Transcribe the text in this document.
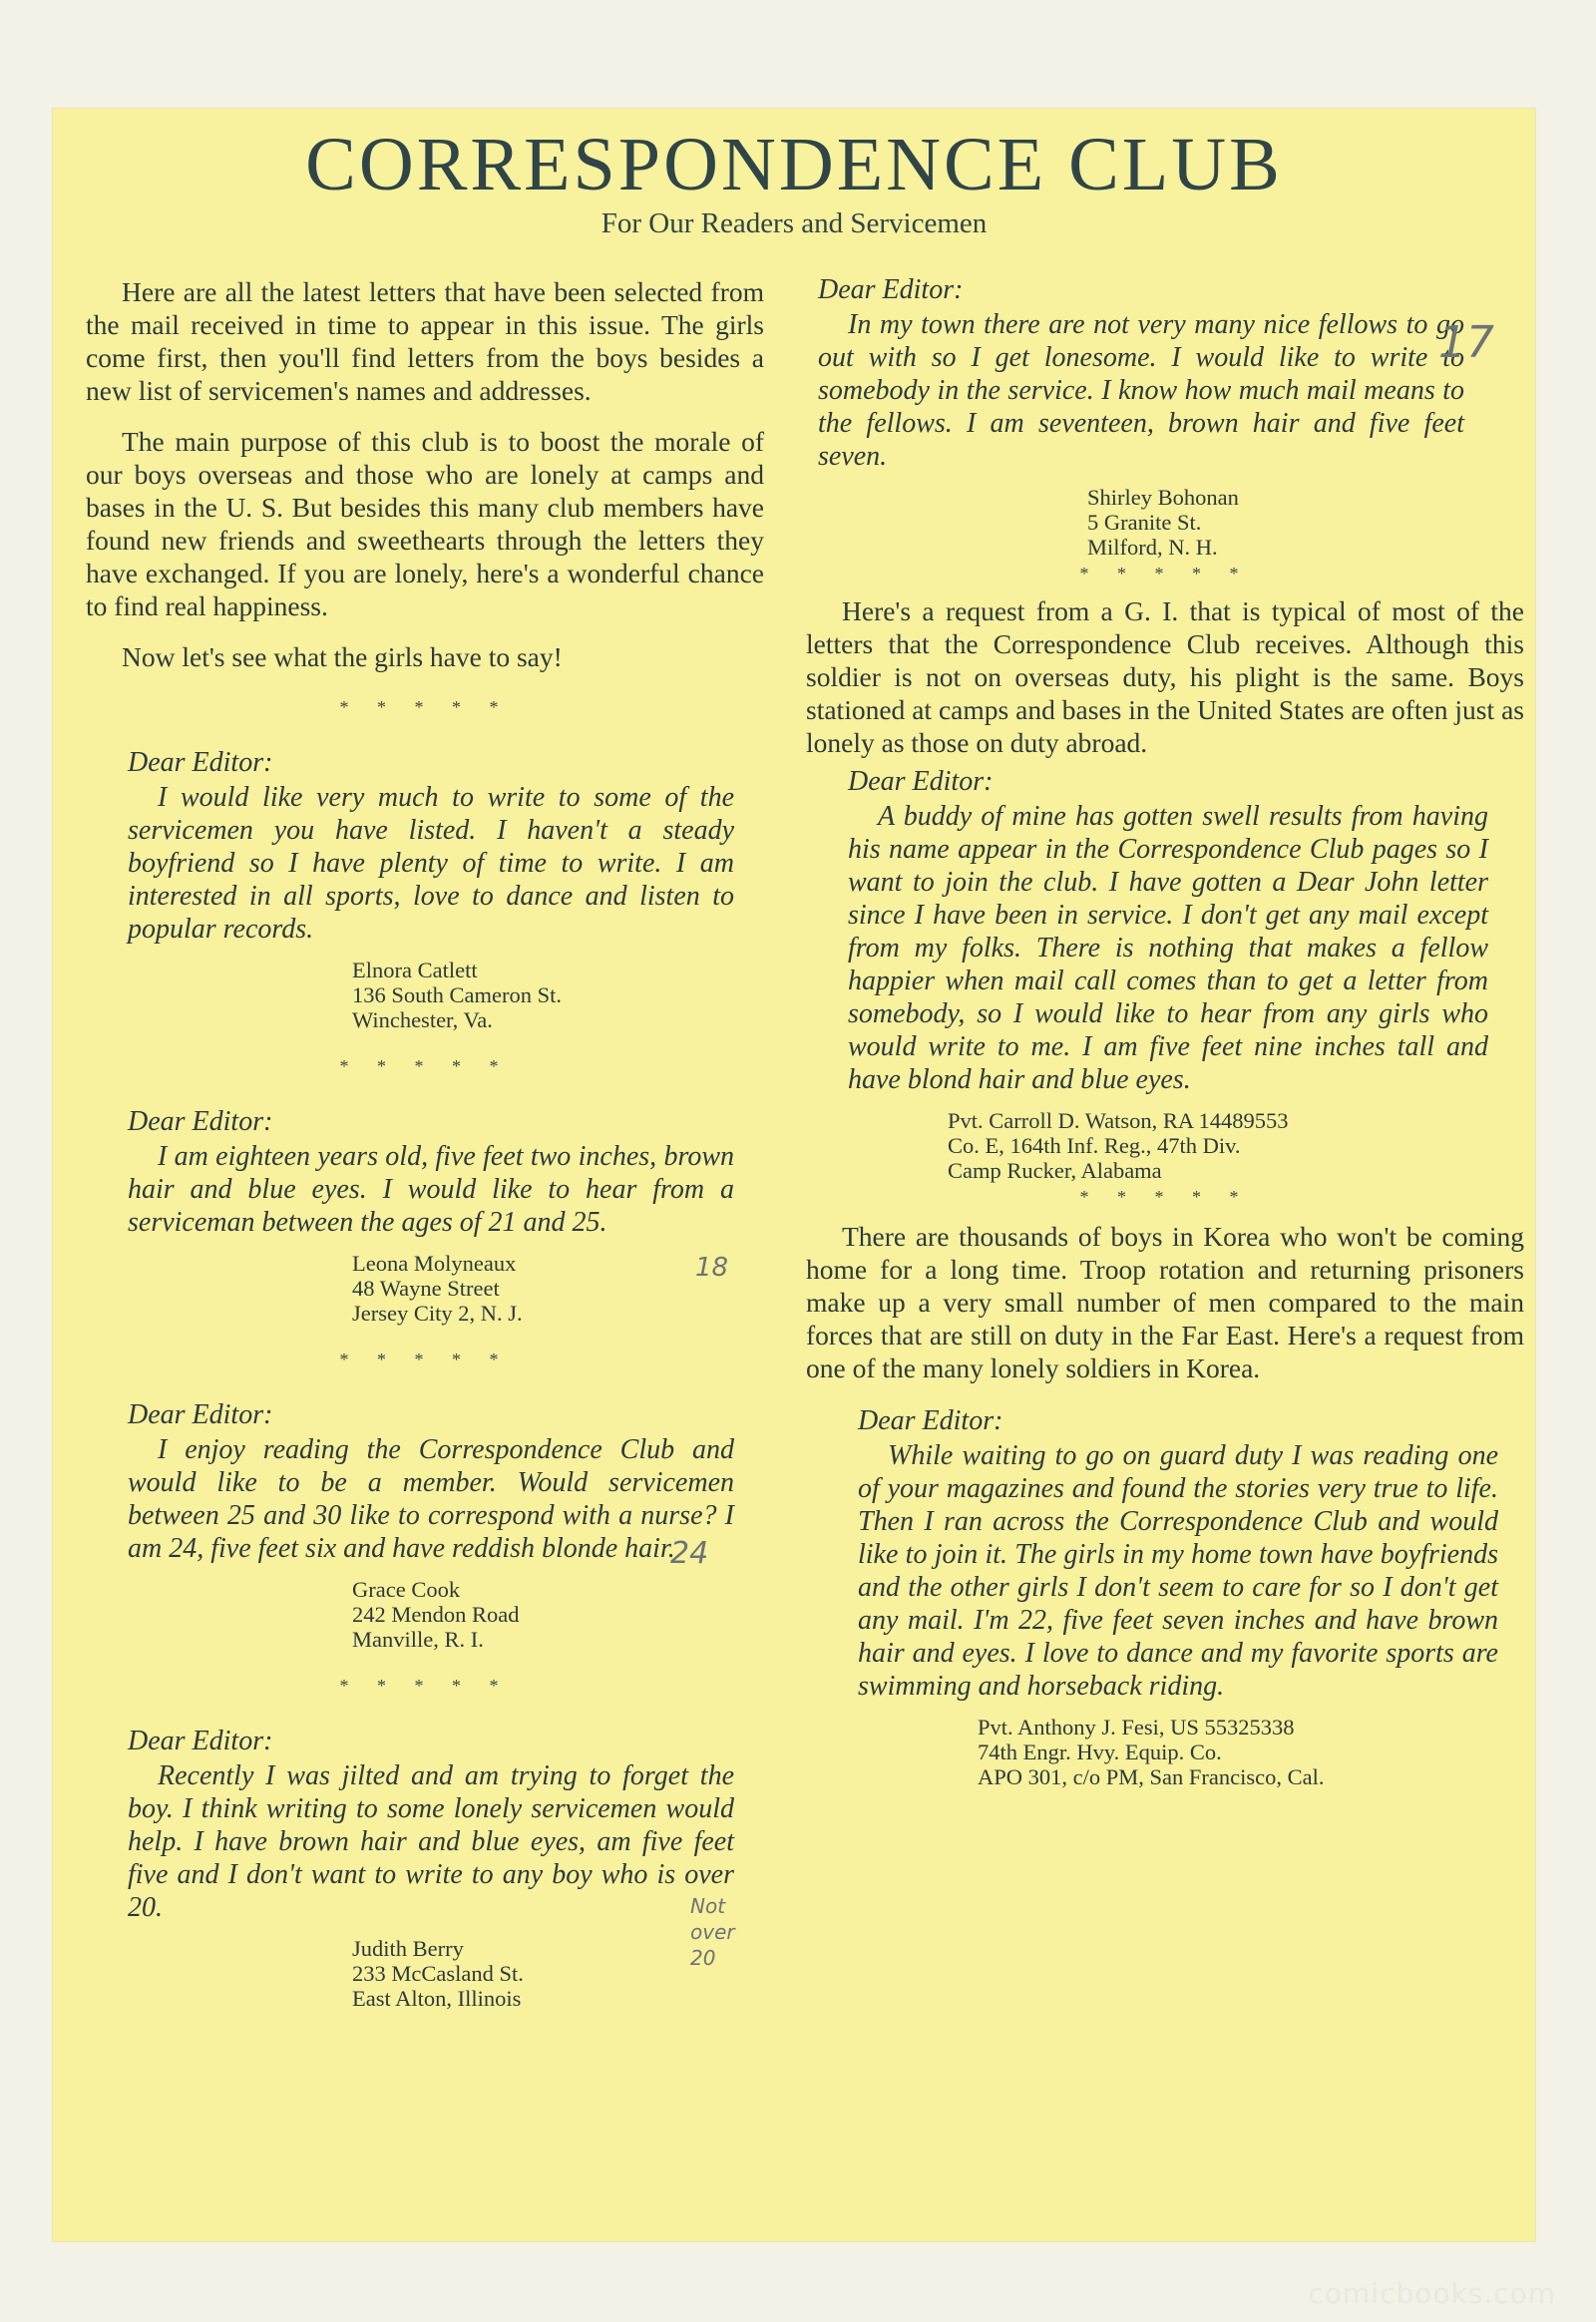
CORRESPONDENCE CLUB
For Our Readers and Servicemen

Here are all the latest letters that have been selected from the mail received in time to appear in this issue. The girls come first, then you'll find letters from the boys besides a new list of servicemen's names and addresses.

The main purpose of this club is to boost the morale of our boys overseas and those who are lonely at camps and bases in the U. S. But besides this many club members have found new friends and sweethearts through the letters they have exchanged. If you are lonely, here's a wonderful chance to find real happiness.

Now let's see what the girls have to say!

* * * * *

Dear Editor:

I would like very much to write to some of the servicemen you have listed. I haven't a steady boyfriend so I have plenty of time to write. I am interested in all sports, love to dance and listen to popular records.

Elnora Catlett
136 South Cameron St.
Winchester, Va.
* * * * *

Dear Editor:

I am eighteen years old, five feet two inches, brown hair and blue eyes. I would like to hear from a serviceman between the ages of 21 and 25.

Leona Molyneaux
48 Wayne Street
Jersey City 2, N. J.
* * * * *

Dear Editor:

I enjoy reading the Correspondence Club and would like to be a member. Would servicemen between 25 and 30 like to correspond with a nurse? I am 24, five feet six and have reddish blonde hair.

Grace Cook
242 Mendon Road
Manville, R. I.
* * * * *

Dear Editor:

Recently I was jilted and am trying to forget the boy. I think writing to some lonely servicemen would help. I have brown hair and blue eyes, am five feet five and I don't want to write to any boy who is over 20.

Judith Berry
233 McCasland St.
East Alton, Illinois

Dear Editor:

In my town there are not very many nice fellows to go out with so I get lonesome. I would like to write to somebody in the service. I know how much mail means to the fellows. I am seventeen, brown hair and five feet seven.

Shirley Bohonan
5 Granite St.
Milford, N. H.
* * * * *

Here's a request from a G. I. that is typical of most of the letters that the Correspondence Club receives. Although this soldier is not on overseas duty, his plight is the same. Boys stationed at camps and bases in the United States are often just as lonely as those on duty abroad.

Dear Editor:

A buddy of mine has gotten swell results from having his name appear in the Correspondence Club pages so I want to join the club. I have gotten a Dear John letter since I have been in service. I don't get any mail except from my folks. There is nothing that makes a fellow happier when mail call comes than to get a letter from somebody, so I would like to hear from any girls who would write to me. I am five feet nine inches tall and have blond hair and blue eyes.

Pvt. Carroll D. Watson, RA 14489553
Co. E, 164th Inf. Reg., 47th Div.
Camp Rucker, Alabama
* * * * *

There are thousands of boys in Korea who won't be coming home for a long time. Troop rotation and returning prisoners make up a very small number of men compared to the main forces that are still on duty in the Far East. Here's a request from one of the many lonely soldiers in Korea.

Dear Editor:

While waiting to go on guard duty I was reading one of your magazines and found the stories very true to life. Then I ran across the Correspondence Club and would like to join it. The girls in my home town have boyfriends and the other girls I don't seem to care for so I don't get any mail. I'm 22, five feet seven inches and have brown hair and eyes. I love to dance and my favorite sports are swimming and horseback riding.

Pvt. Anthony J. Fesi, US 55325338
74th Engr. Hvy. Equip. Co.
APO 301, c/o PM, San Francisco, Cal.
17
18
24
Not over 20
comicbooks.com
